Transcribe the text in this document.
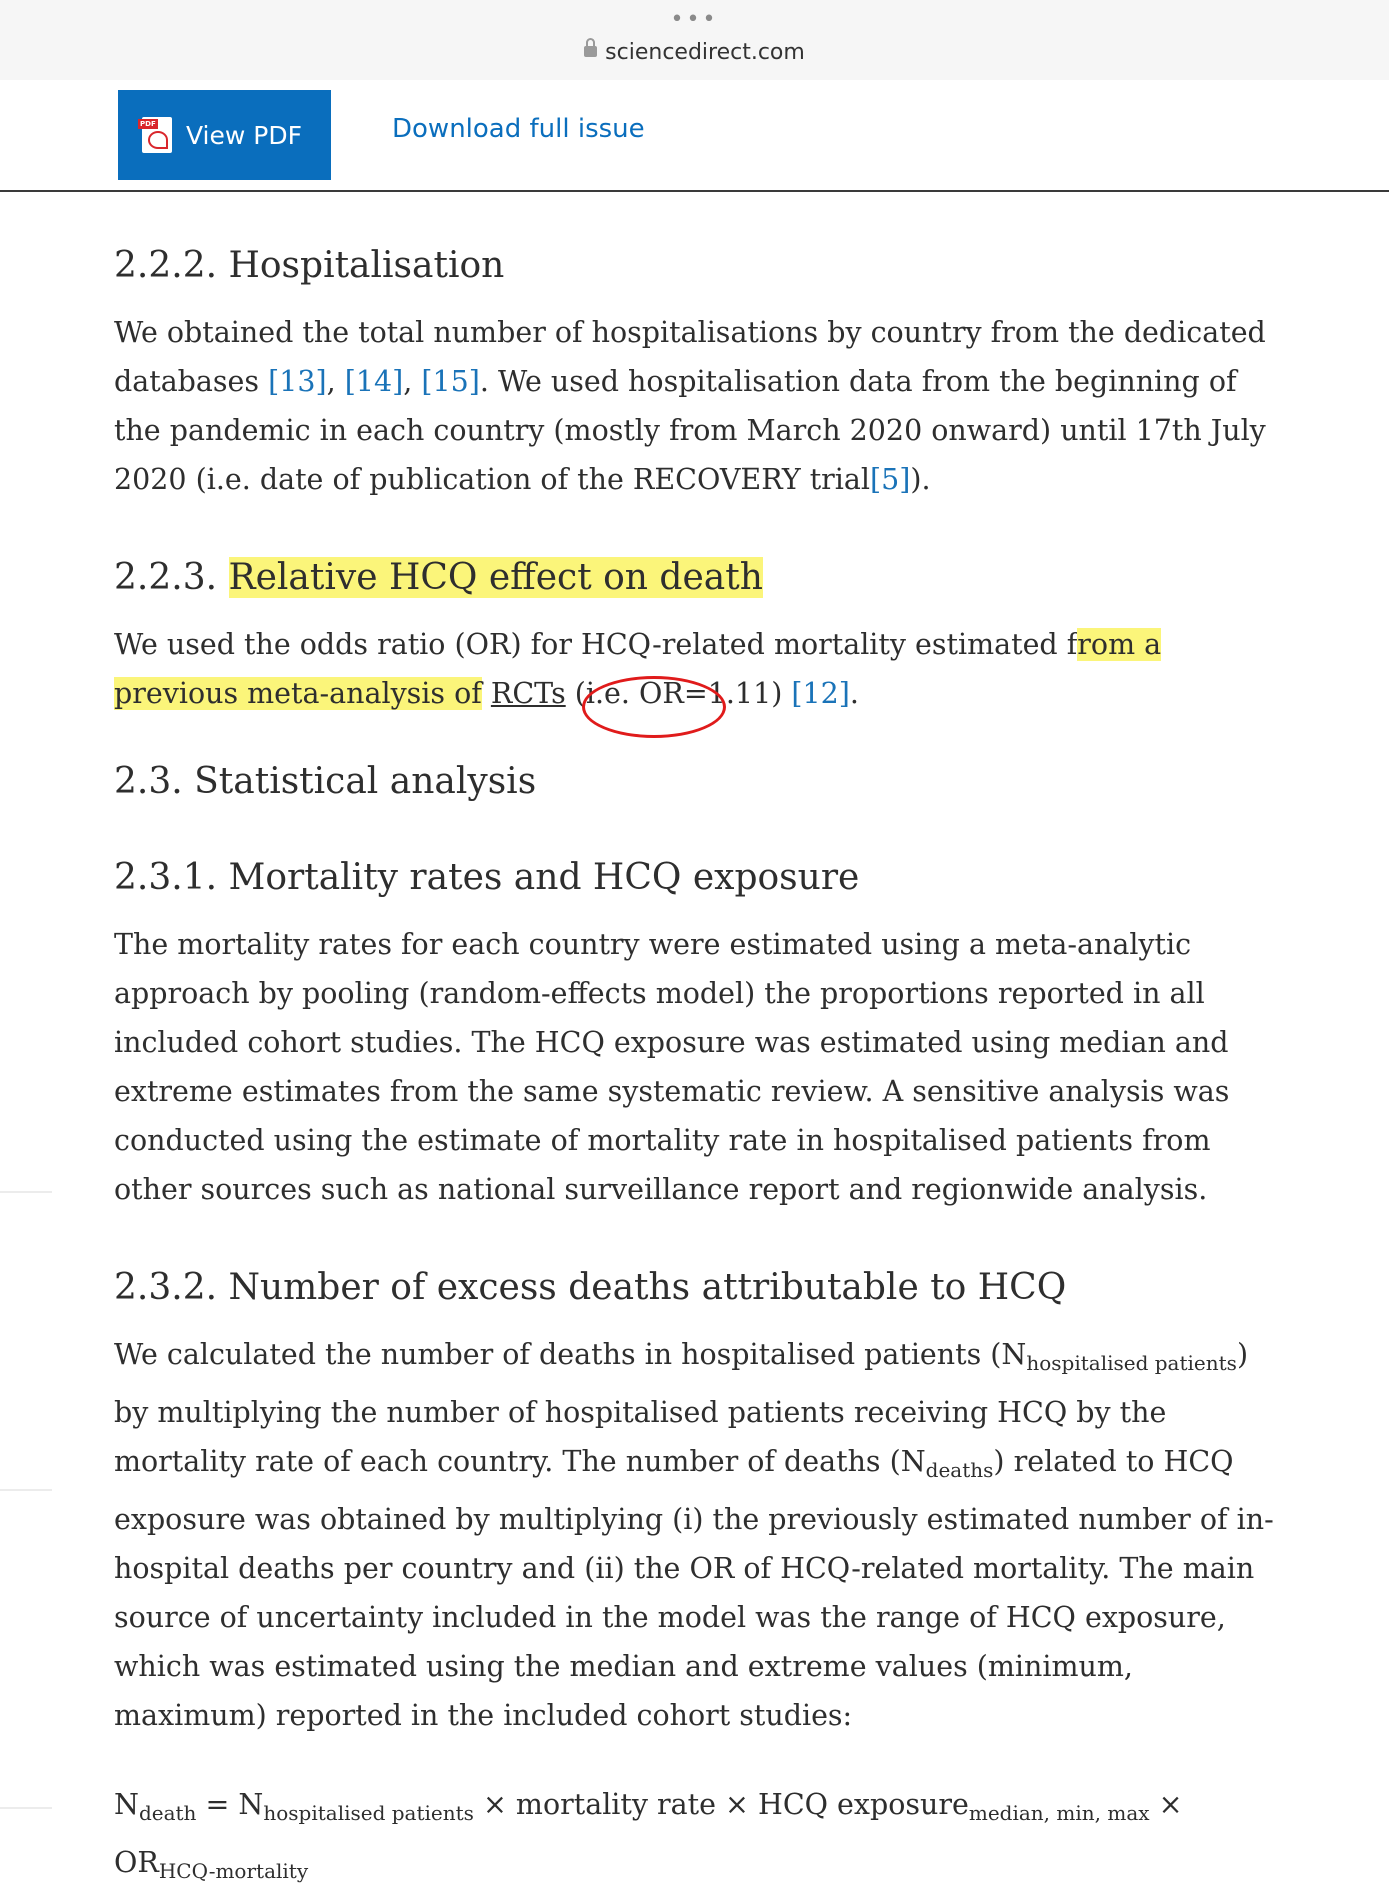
•••
sciencedirect.com
PDF View PDF	Download full issue
2.2.2. Hospitalisation

We obtained the total number of hospitalisations by country from the dedicated databases [13], [14], [15]. We used hospitalisation data from the beginning of the pandemic in each country (mostly from March 2020 onward) until 17th July 2020 (i.e. date of publication of the RECOVERY trial[5]).

2.2.3. Relative HCQ effect on death

We used the odds ratio (OR) for HCQ-related mortality estimated from a previous meta-analysis of RCTs (i.e. OR=1.11) [12].

2.3. Statistical analysis
2.3.1. Mortality rates and HCQ exposure

The mortality rates for each country were estimated using a meta-analytic approach by pooling (random-effects model) the proportions reported in all included cohort studies. The HCQ exposure was estimated using median and extreme estimates from the same systematic review. A sensitive analysis was conducted using the estimate of mortality rate in hospitalised patients from other sources such as national surveillance report and regionwide analysis.

2.3.2. Number of excess deaths attributable to HCQ

We calculated the number of deaths in hospitalised patients $(N_{hospitalised patients})$ by multiplying the number of hospitalised patients receiving HCQ by the mortality rate of each country. The number of deaths $(N_{deaths})$ related to HCQ exposure was obtained by multiplying (i) the previously estimated number of in-hospital deaths per country and (ii) the OR of HCQ-related mortality. The main source of uncertainty included in the model was the range of HCQ exposure, which was estimated using the median and extreme values (minimum, maximum) reported in the included cohort studies:

$N_{death} = N_{hospitalised patients}$ × mortality rate × HCQ exposure$_{median, min, max}$ × $OR_{HCQ-mortality}$
